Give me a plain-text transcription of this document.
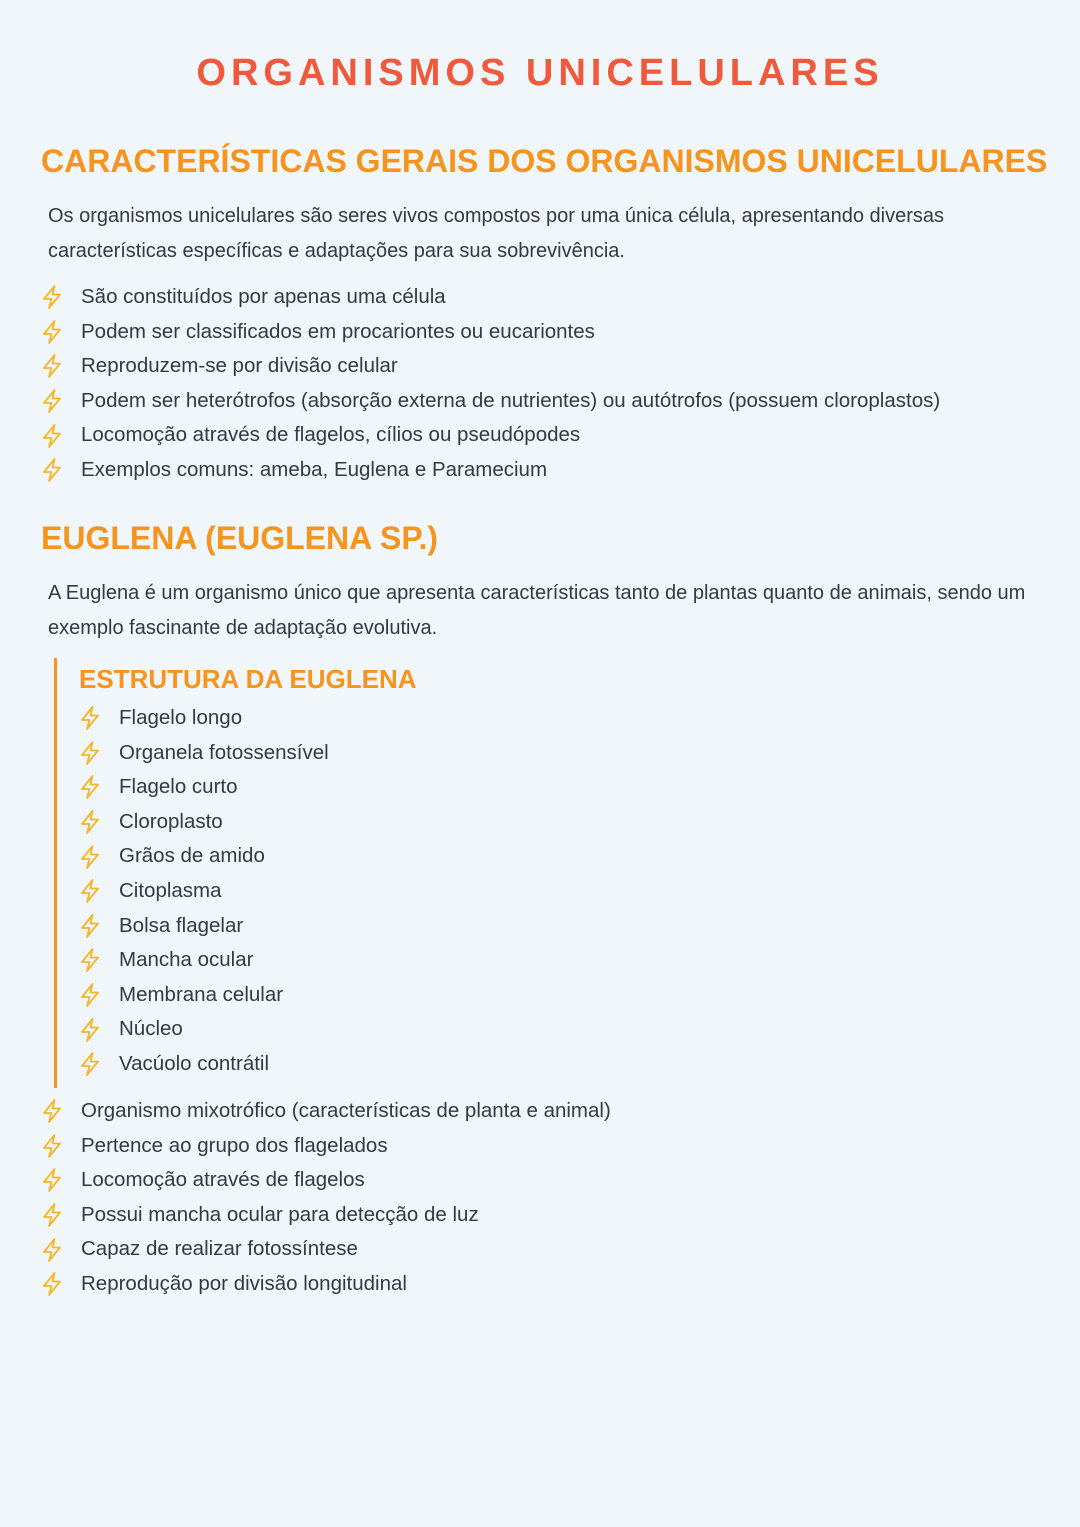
ORGANISMOS UNICELULARES
CARACTERÍSTICAS GERAIS DOS ORGANISMOS UNICELULARES

Os organismos unicelulares são seres vivos compostos por uma única célula, apresentando diversas características específicas e adaptações para sua sobrevivência.

São constituídos por apenas uma célula
Podem ser classificados em procariontes ou eucariontes
Reproduzem-se por divisão celular
Podem ser heterótrofos (absorção externa de nutrientes) ou autótrofos (possuem cloroplastos)
Locomoção através de flagelos, cílios ou pseudópodes
Exemplos comuns: ameba, Euglena e Paramecium
EUGLENA (EUGLENA SP.)

A Euglena é um organismo único que apresenta características tanto de plantas quanto de animais, sendo um exemplo fascinante de adaptação evolutiva.

ESTRUTURA DA EUGLENA
Flagelo longo
Organela fotossensível
Flagelo curto
Cloroplasto
Grãos de amido
Citoplasma
Bolsa flagelar
Mancha ocular
Membrana celular
Núcleo
Vacúolo contrátil
Organismo mixotrófico (características de planta e animal)
Pertence ao grupo dos flagelados
Locomoção através de flagelos
Possui mancha ocular para detecção de luz
Capaz de realizar fotossíntese
Reprodução por divisão longitudinal
